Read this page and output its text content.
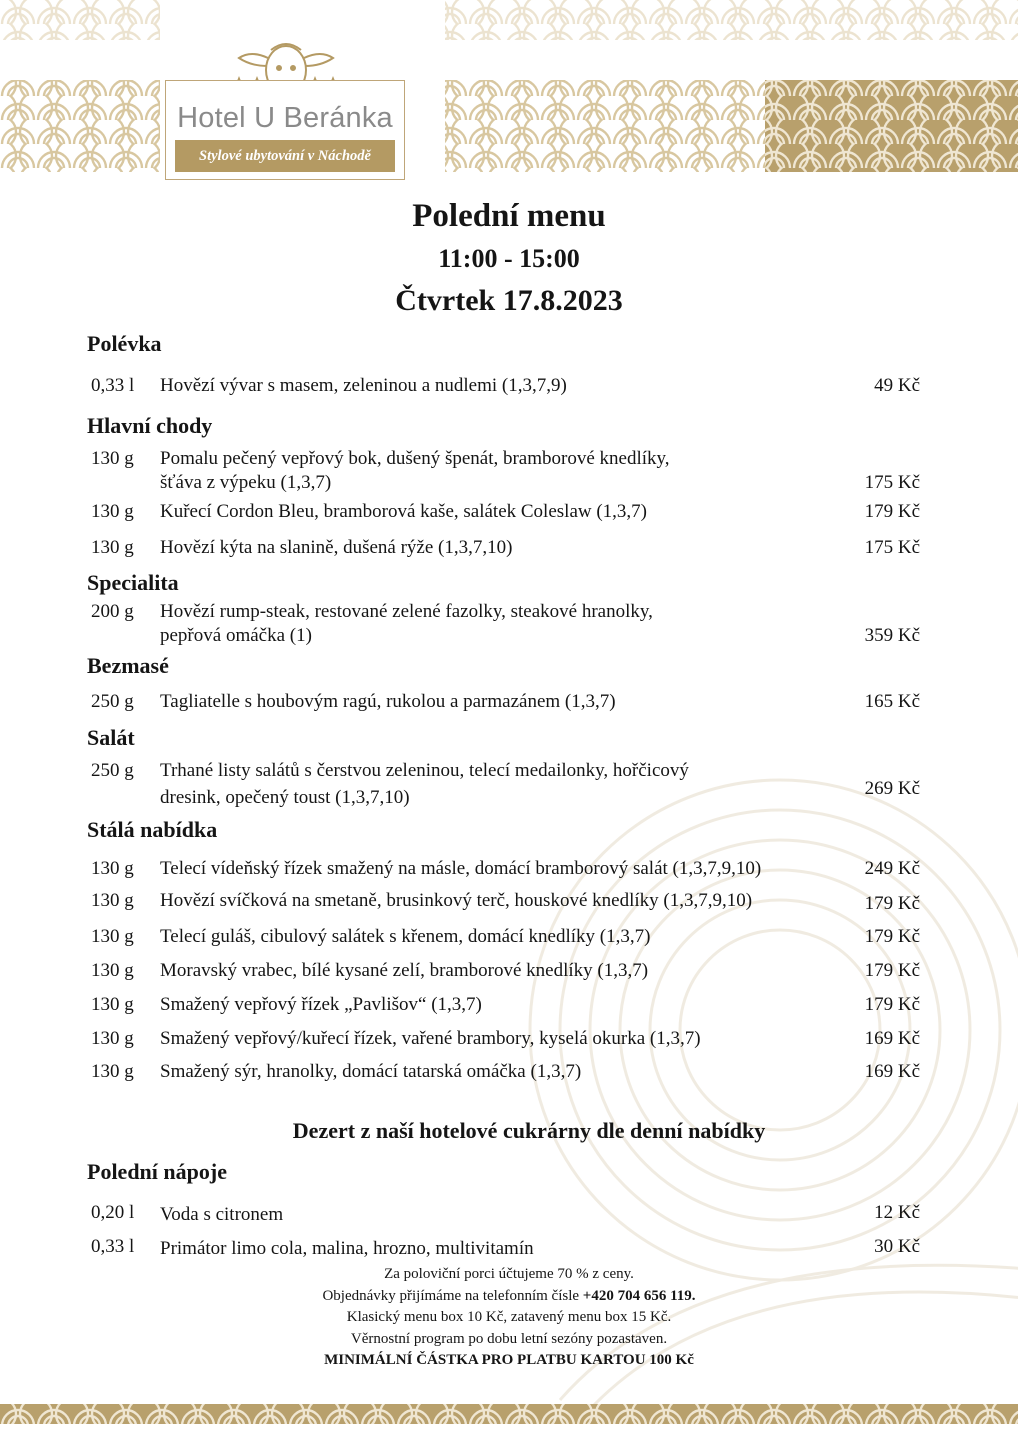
Hotel U Beránka
Stylové ubytování v Náchodě
Polední menu
11:00 - 15:00
Čtvrtek 17.8.2023
Polévka
0,33 l Hovězí vývar s masem, zeleninou a nudlemi (1,3,7,9)	49 Kč
Hlavní chody
130 g Pomalu pečený vepřový bok, dušený špenát, bramborové knedlíky,
šťáva z výpeku (1,3,7)	175 Kč
130 g Kuřecí Cordon Bleu, bramborová kaše, salátek Coleslaw (1,3,7)	179 Kč
130 g Hovězí kýta na slanině, dušená rýže (1,3,7,10)	175 Kč
Specialita
200 g Hovězí rump-steak, restované zelené fazolky, steakové hranolky,
pepřová omáčka (1)	359 Kč
Bezmasé
250 g Tagliatelle s houbovým ragú, rukolou a parmazánem (1,3,7)	165 Kč
Salát
250 g Trhané listy salátů s čerstvou zeleninou, telecí medailonky, hořčicový
dresink, opečený toust (1,3,7,10)	269 Kč
Stálá nabídka
130 g Telecí vídeňský řízek smažený na másle, domácí bramborový salát (1,3,7,9,10)	249 Kč
130 g Hovězí svíčková na smetaně, brusinkový terč, houskové knedlíky (1,3,7,9,10)	179 Kč
130 g Telecí guláš, cibulový salátek s křenem, domácí knedlíky (1,3,7)	179 Kč
130 g Moravský vrabec, bílé kysané zelí, bramborové knedlíky (1,3,7)	179 Kč
130 g Smažený vepřový řízek „Pavlišov“ (1,3,7)	179 Kč
130 g Smažený vepřový/kuřecí řízek, vařené brambory, kyselá okurka (1,3,7)	169 Kč
130 g Smažený sýr, hranolky, domácí tatarská omáčka (1,3,7)	169 Kč
Dezert z naší hotelové cukrárny dle denní nabídky
Polední nápoje
0,20 l Voda s citronem	12 Kč
0,33 l Primátor limo cola, malina, hrozno, multivitamín	30 Kč
Za poloviční porci účtujeme 70 % z ceny.
Objednávky přijímáme na telefonním čísle +420 704 656 119.
Klasický menu box 10 Kč, zatavený menu box 15 Kč.
Věrnostní program po dobu letní sezóny pozastaven.
MINIMÁLNÍ ČÁSTKA PRO PLATBU KARTOU 100 Kč
